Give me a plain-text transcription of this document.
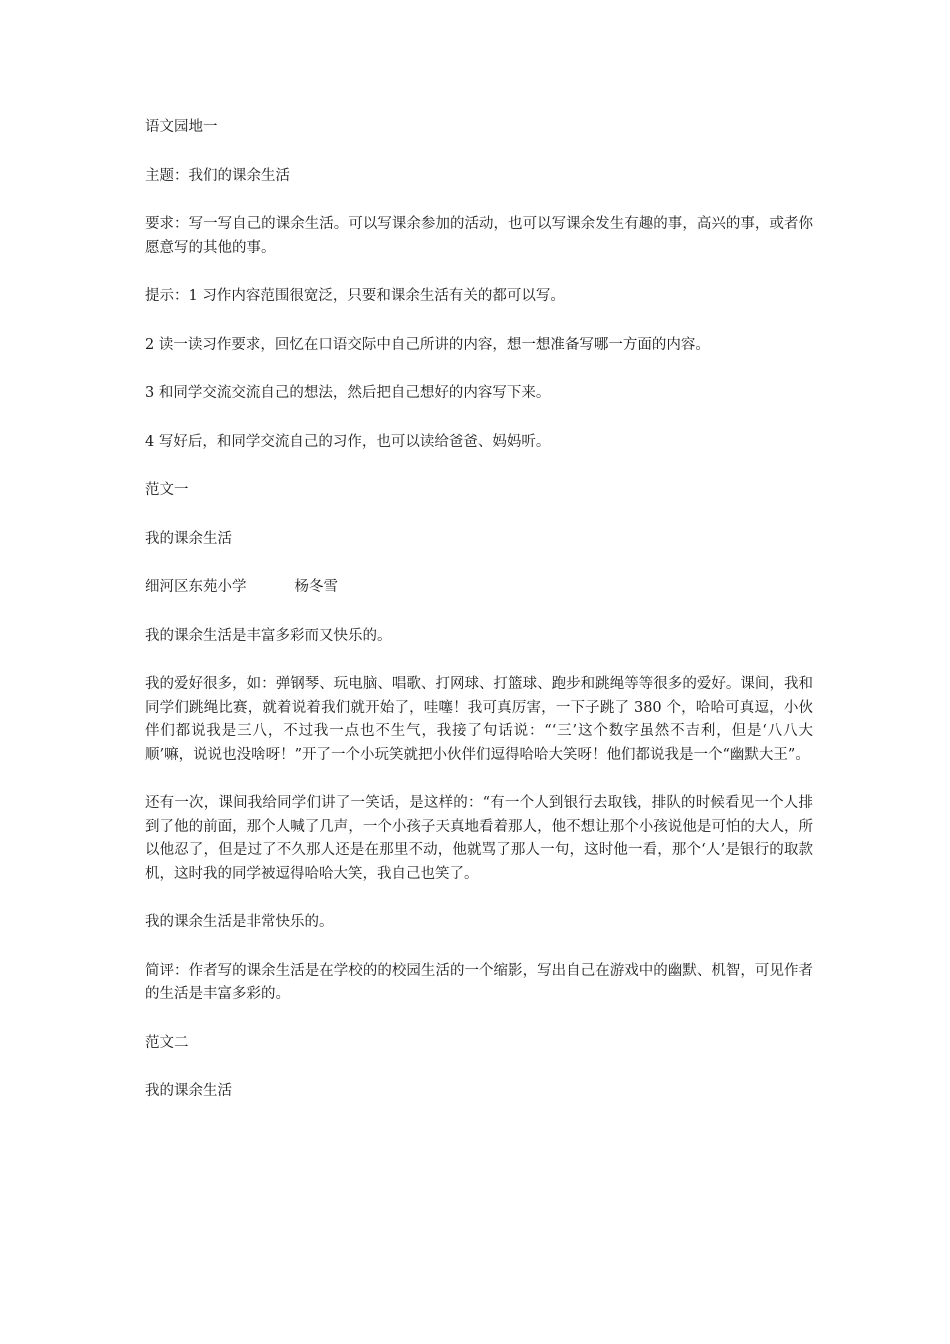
语文园地一

主题：我们的课余生活

要求：写一写自己的课余生活。可以写课余参加的活动，也可以写课余发生有趣的事，高兴的事，或者你愿意写的其他的事。

提示：1 习作内容范围很宽泛，只要和课余生活有关的都可以写。

2 读一读习作要求，回忆在口语交际中自己所讲的内容，想一想准备写哪一方面的内容。

3 和同学交流交流自己的想法，然后把自己想好的内容写下来。

4 写好后，和同学交流自己的习作，也可以读给爸爸、妈妈听。

范文一

我的课余生活

细河区东苑小学	杨冬雪

我的课余生活是丰富多彩而又快乐的。

我的爱好很多，如：弹钢琴、玩电脑、唱歌、打网球、打篮球、跑步和跳绳等等很多的爱好。课间，我和同学们跳绳比赛，就着说着我们就开始了，哇噻！我可真厉害，一下子跳了 380 个，哈哈可真逗，小伙伴们都说我是三八，不过我一点也不生气，我接了句话说：“‘三’这个数字虽然不吉利，但是‘八八大顺’嘛，说说也没啥呀！”开了一个小玩笑就把小伙伴们逗得哈哈大笑呀！他们都说我是一个“幽默大王”。

还有一次，课间我给同学们讲了一笑话，是这样的：“有一个人到银行去取钱，排队的时候看见一个人排到了他的前面，那个人喊了几声，一个小孩子天真地看着那人，他不想让那个小孩说他是可怕的大人，所以他忍了，但是过了不久那人还是在那里不动，他就骂了那人一句，这时他一看，那个‘人’是银行的取款机，这时我的同学被逗得哈哈大笑，我自己也笑了。

我的课余生活是非常快乐的。

简评：作者写的课余生活是在学校的的校园生活的一个缩影，写出自己在游戏中的幽默、机智，可见作者的生活是丰富多彩的。

范文二

我的课余生活
